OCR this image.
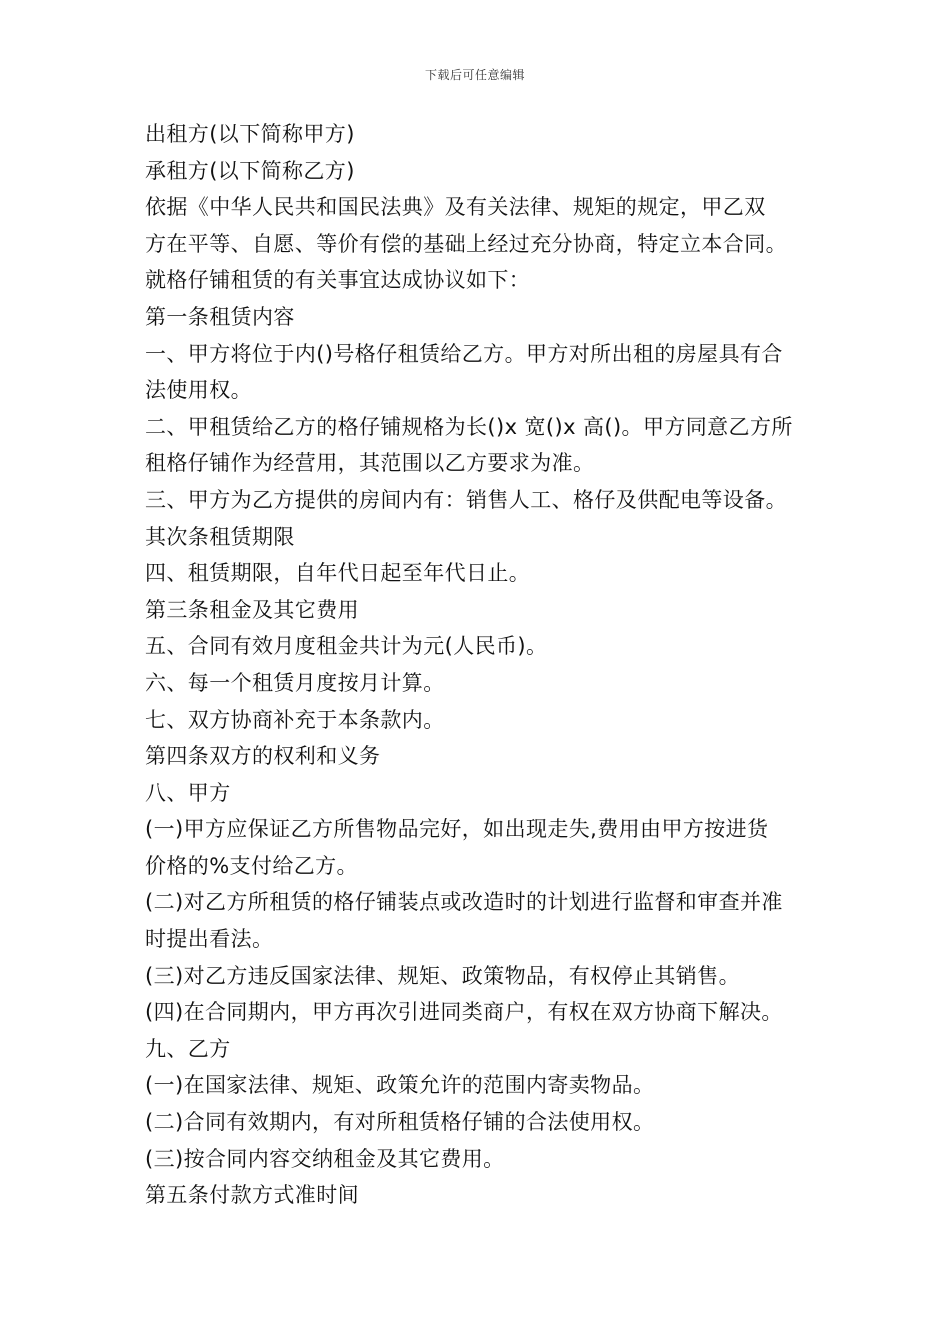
下载后可任意编辑
出租方(以下简称甲方)
承租方(以下简称乙方)
依据《中华人民共和国民法典》及有关法律、规矩的规定，甲乙双
方在平等、自愿、等价有偿的基础上经过充分协商，特定立本合同。
就格仔铺租赁的有关事宜达成协议如下：
第一条租赁内容
一、甲方将位于内()号格仔租赁给乙方。甲方对所出租的房屋具有合
法使用权。
二、甲租赁给乙方的格仔铺规格为长()x 宽()x 高()。甲方同意乙方所
租格仔铺作为经营用，其范围以乙方要求为准。
三、甲方为乙方提供的房间内有：销售人工、格仔及供配电等设备。
其次条租赁期限
四、租赁期限，自年代日起至年代日止。
第三条租金及其它费用
五、合同有效月度租金共计为元(人民币)。
六、每一个租赁月度按月计算。
七、双方协商补充于本条款内。
第四条双方的权利和义务
八、甲方
(一)甲方应保证乙方所售物品完好，如出现走失,费用由甲方按进货
价格的%支付给乙方。
(二)对乙方所租赁的格仔铺装点或改造时的计划进行监督和审查并准
时提出看法。
(三)对乙方违反国家法律、规矩、政策物品，有权停止其销售。
(四)在合同期内，甲方再次引进同类商户，有权在双方协商下解决。
九、乙方
(一)在国家法律、规矩、政策允许的范围内寄卖物品。
(二)合同有效期内，有对所租赁格仔铺的合法使用权。
(三)按合同内容交纳租金及其它费用。
第五条付款方式准时间
